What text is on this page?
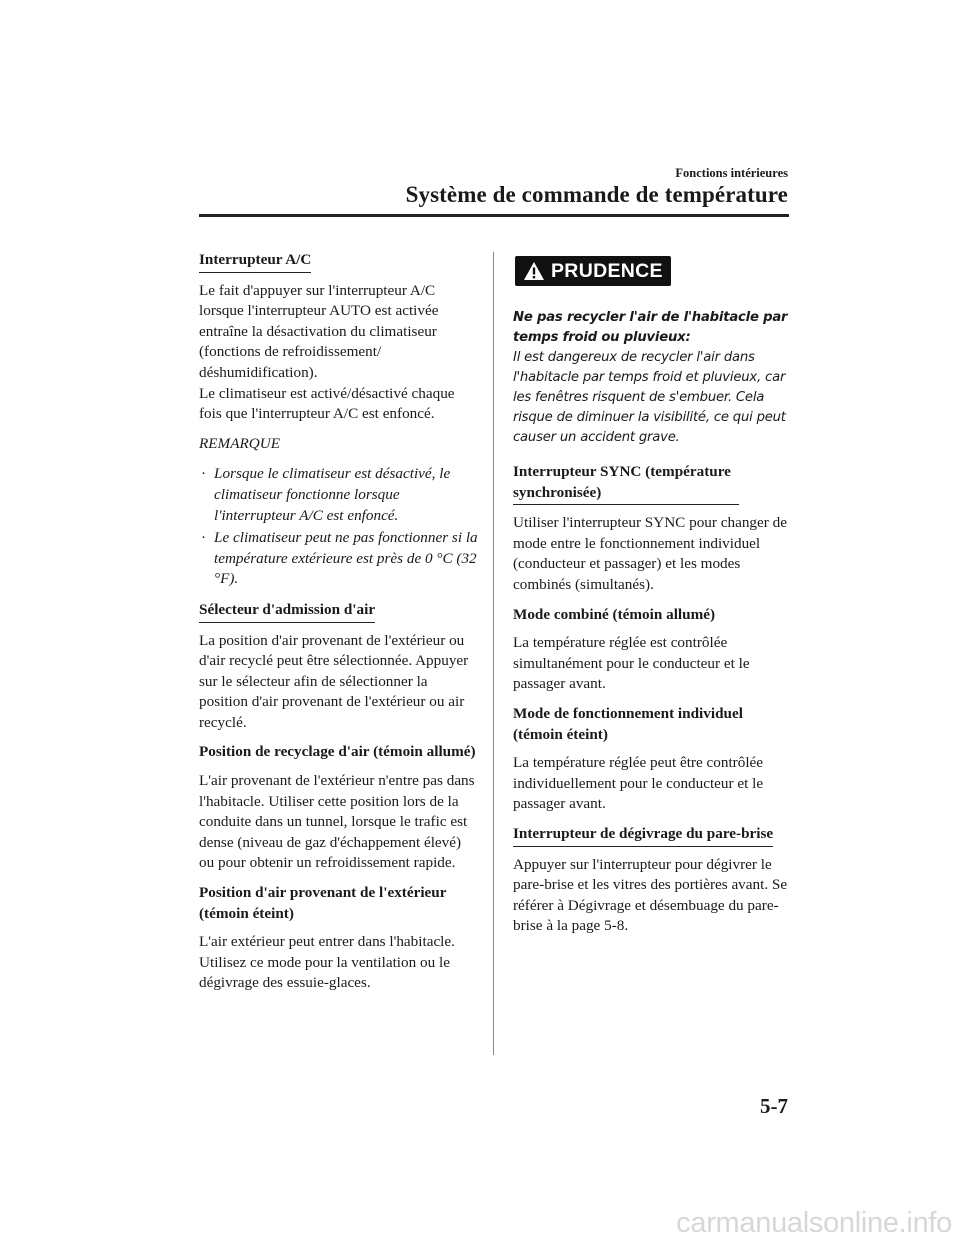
Fonctions intérieures
Système de commande de température
Interrupteur A/C

Le fait d'appuyer sur l'interrupteur A/C lorsque l'interrupteur AUTO est activée entraîne la désactivation du climatiseur (fonctions de refroidissement/ déshumidification).

Le climatiseur est activé/désactivé chaque fois que l'interrupteur A/C est enfoncé.

REMARQUE
· Lorsque le climatiseur est désactivé, le climatiseur fonctionne lorsque l'interrupteur A/C est enfoncé.
· Le climatiseur peut ne pas fonctionner si la température extérieure est près de 0 °C (32 °F).
Sélecteur d'admission d'air

La position d'air provenant de l'extérieur ou d'air recyclé peut être sélectionnée. Appuyer sur le sélecteur afin de sélectionner la position d'air provenant de l'extérieur ou air recyclé.

Position de recyclage d'air (témoin allumé)

L'air provenant de l'extérieur n'entre pas dans l'habitacle. Utiliser cette position lors de la conduite dans un tunnel, lorsque le trafic est dense (niveau de gaz d'échappement élevé) ou pour obtenir un refroidissement rapide.

Position d'air provenant de l'extérieur (témoin éteint)

L'air extérieur peut entrer dans l'habitacle. Utilisez ce mode pour la ventilation ou le dégivrage des essuie-glaces.

PRUDENCE
Ne pas recycler l'air de l'habitacle par temps froid ou pluvieux:
Il est dangereux de recycler l'air dans l'habitacle par temps froid et pluvieux, car les fenêtres risquent de s'embuer. Cela risque de diminuer la visibilité, ce qui peut causer un accident grave.
Interrupteur SYNC (température synchronisée)

Utiliser l'interrupteur SYNC pour changer de mode entre le fonctionnement individuel (conducteur et passager) et les modes combinés (simultanés).

Mode combiné (témoin allumé)

La température réglée est contrôlée simultanément pour le conducteur et le passager avant.

Mode de fonctionnement individuel (témoin éteint)

La température réglée peut être contrôlée individuellement pour le conducteur et le passager avant.

Interrupteur de dégivrage du pare-brise

Appuyer sur l'interrupteur pour dégivrer le pare-brise et les vitres des portières avant. Se référer à Dégivrage et désembuage du pare-brise à la page 5-8.

5-7
carmanualsonline.info
